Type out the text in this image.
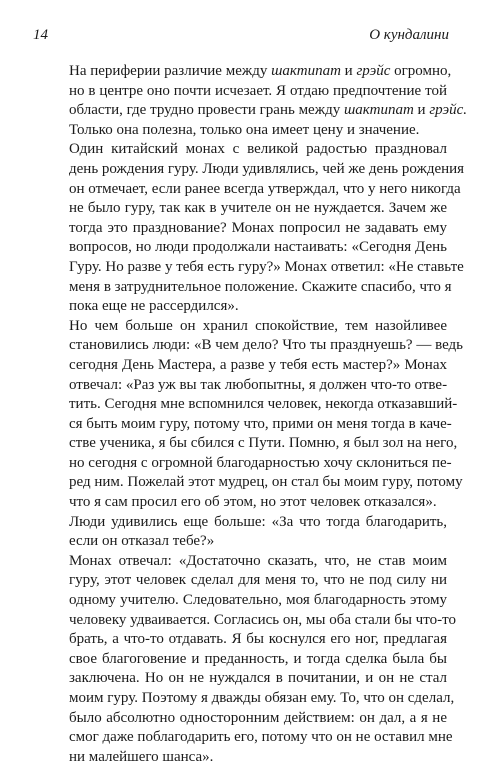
14	О кундалини

На периферии различие между шактипат и грэйс огромно,
но в центре оно почти исчезает. Я отдаю предпочтение той
области, где трудно провести грань между шактипат и грэйс.
Только она полезна, только она имеет цену и значение.

Один китайский монах с великой радостью праздновал
день рождения гуру. Люди удивлялись, чей же день рождения
он отмечает, если ранее всегда утверждал, что у него никогда
не было гуру, так как в учителе он не нуждается. Зачем же
тогда это празднование? Монах попросил не задавать ему
вопросов, но люди продолжали настаивать: «Сегодня День
Гуру. Но разве у тебя есть гуру?» Монах ответил: «Не ставьте
меня в затруднительное положение. Скажите спасибо, что я
пока еще не рассердился».

Но чем больше он хранил спокойствие, тем назойливее
становились люди: «В чем дело? Что ты празднуешь? — ведь
сегодня День Мастера, а разве у тебя есть мастер?» Монах
отвечал: «Раз уж вы так любопытны, я должен что-то отве-
тить. Сегодня мне вспомнился человек, некогда отказавший-
ся быть моим гуру, потому что, прими он меня тогда в каче-
стве ученика, я бы сбился с Пути. Помню, я был зол на него,
но сегодня с огромной благодарностью хочу склониться пе-
ред ним. Пожелай этот мудрец, он стал бы моим гуру, потому
что я сам просил его об этом, но этот человек отказался».

Люди удивились еще больше: «За что тогда благодарить,
если он отказал тебе?»

Монах отвечал: «Достаточно сказать, что, не став моим
гуру, этот человек сделал для меня то, что не под силу ни
одному учителю. Следовательно, моя благодарность этому
человеку удваивается. Согласись он, мы оба стали бы что-то
брать, а что-то отдавать. Я бы коснулся его ног, предлагая
свое благоговение и преданность, и тогда сделка была бы
заключена. Но он не нуждался в почитании, и он не стал
моим гуру. Поэтому я дважды обязан ему. То, что он сделал,
было абсолютно односторонним действием: он дал, а я не
смог даже поблагодарить его, потому что он не оставил мне
ни малейшего шанса».
